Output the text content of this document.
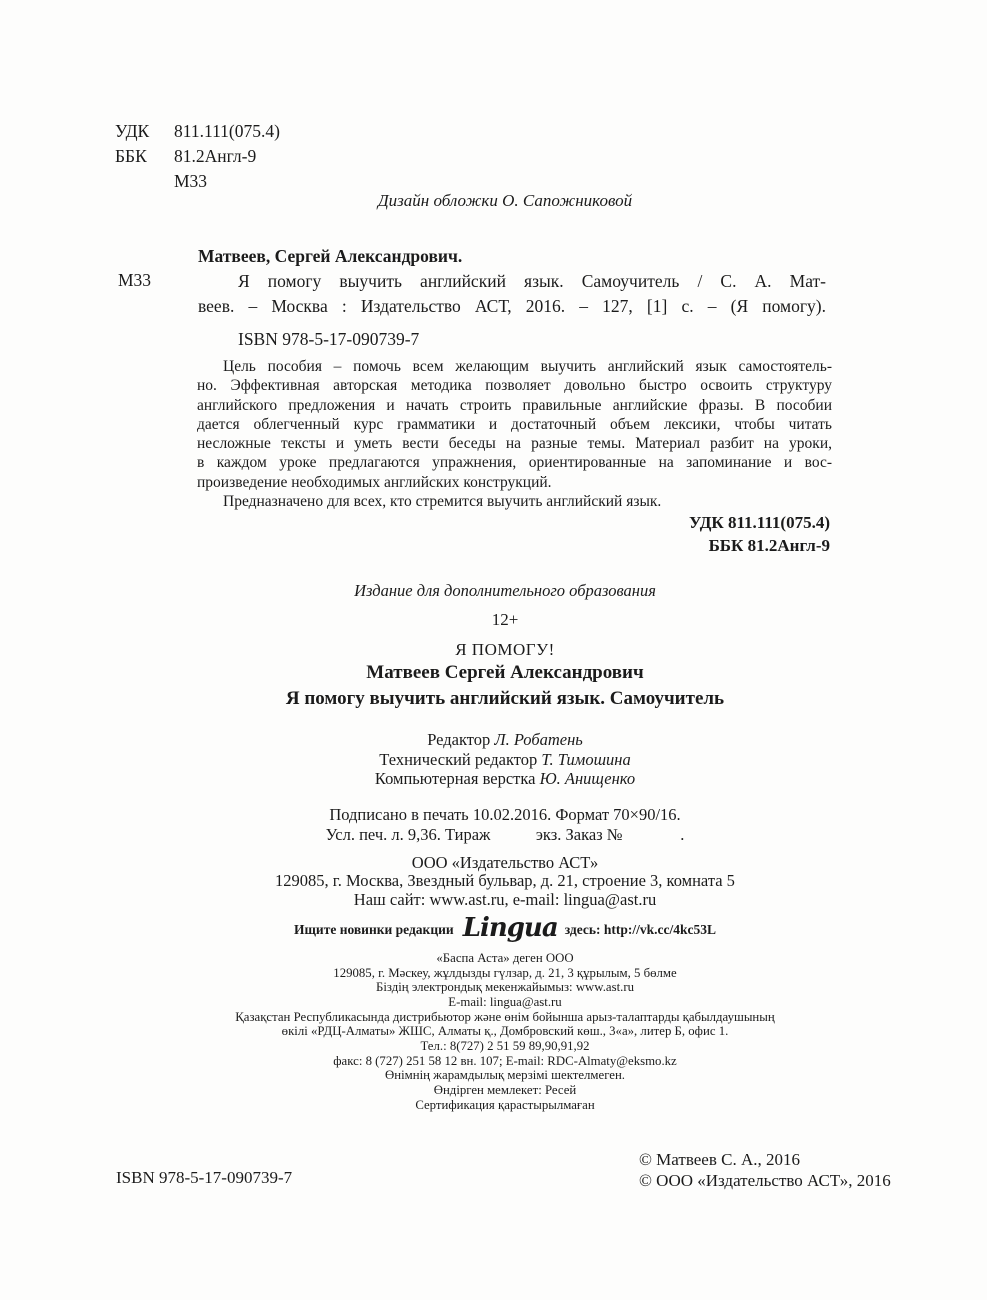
УДК 811.111(075.4)
ББК 81.2Англ-9
М33
Дизайн обложки О. Сапожниковой
М33
Матвеев, Сергей Александрович.
Я помогу выучить английский язык. Самоучитель / С. А. Мат-
веев. – Москва : Издательство АСТ, 2016. – 127, [1] с. – (Я помогу).
ISBN 978-5-17-090739-7
Цель пособия – помочь всем желающим выучить английский язык самостоятель-
но. Эффективная авторская методика позволяет довольно быстро освоить структуру
английского предложения и начать строить правильные английские фразы. В пособии
дается облегченный курс грамматики и достаточный объем лексики, чтобы читать
несложные тексты и уметь вести беседы на разные темы. Материал разбит на уроки,
в каждом уроке предлагаются упражнения, ориентированные на запоминание и вос-
произведение необходимых английских конструкций.
Предназначено для всех, кто стремится выучить английский язык.
УДК 811.111(075.4)
ББК 81.2Англ-9
Издание для дополнительного образования
12+
Я ПОМОГУ!
Матвеев Сергей Александрович
Я помогу выучить английский язык. Самоучитель
Редактор Л. Робатень
Технический редактор Т. Тимошина
Компьютерная верстка Ю. Анищенко
Подписано в печать 10.02.2016. Формат 70×90/16.
Усл. печ. л. 9,36. Тираж           экз. Заказ №              .
ООО «Издательство АСТ»
129085, г. Москва, Звездный бульвар, д. 21, строение 3, комната 5
Наш сайт: www.ast.ru, e-mail: lingua@ast.ru
Ищите новинки редакции Lingua здесь: http://vk.cc/4kc53L
«Баспа Аста» деген ООО
129085, г. Мәскеу, жұлдызды гүлзар, д. 21, 3 құрылым, 5 бөлме
Біздің электрондық мекенжайымыз: www.ast.ru
E-mail: lingua@ast.ru
Қазақстан Республикасында дистрибьютор және өнім бойынша арыз-талаптарды қабылдаушының
өкілі «РДЦ-Алматы» ЖШС, Алматы қ., Домбровский көш., 3«а», литер Б, офис 1.
Тел.: 8(727) 2 51 59 89,90,91,92
факс: 8 (727) 251 58 12 вн. 107; E-mail: RDC-Almaty@eksmo.kz
Өнімнің жарамдылық мерзімі шектелмеген.
Өндірген мемлекет: Ресей
Сертификация қарастырылмаған
ISBN 978-5-17-090739-7
© Матвеев С. А., 2016
© ООО «Издательство АСТ», 2016
